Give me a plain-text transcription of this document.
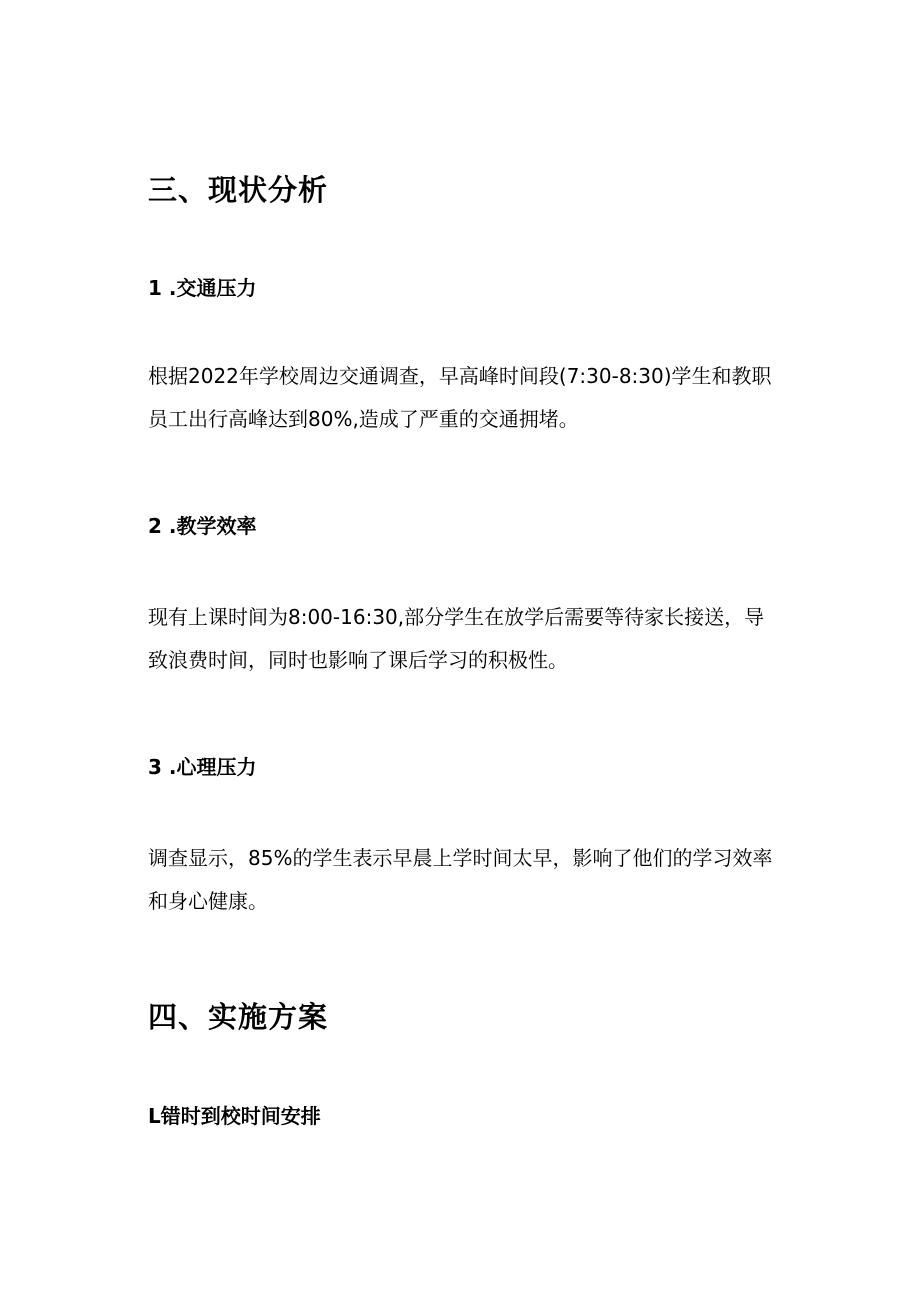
三、现状分析
1 .交通压力
根据2022年学校周边交通调查，早高峰时间段(7:30-8:30)学生和教职
员工出行高峰达到80%,造成了严重的交通拥堵。
2 .教学效率
现有上课时间为8:00-16:30,部分学生在放学后需要等待家长接送，导
致浪费时间，同时也影响了课后学习的积极性。
3 .心理压力
调查显示，85%的学生表示早晨上学时间太早，影响了他们的学习效率
和身心健康。
四、实施方案
L错时到校时间安排
